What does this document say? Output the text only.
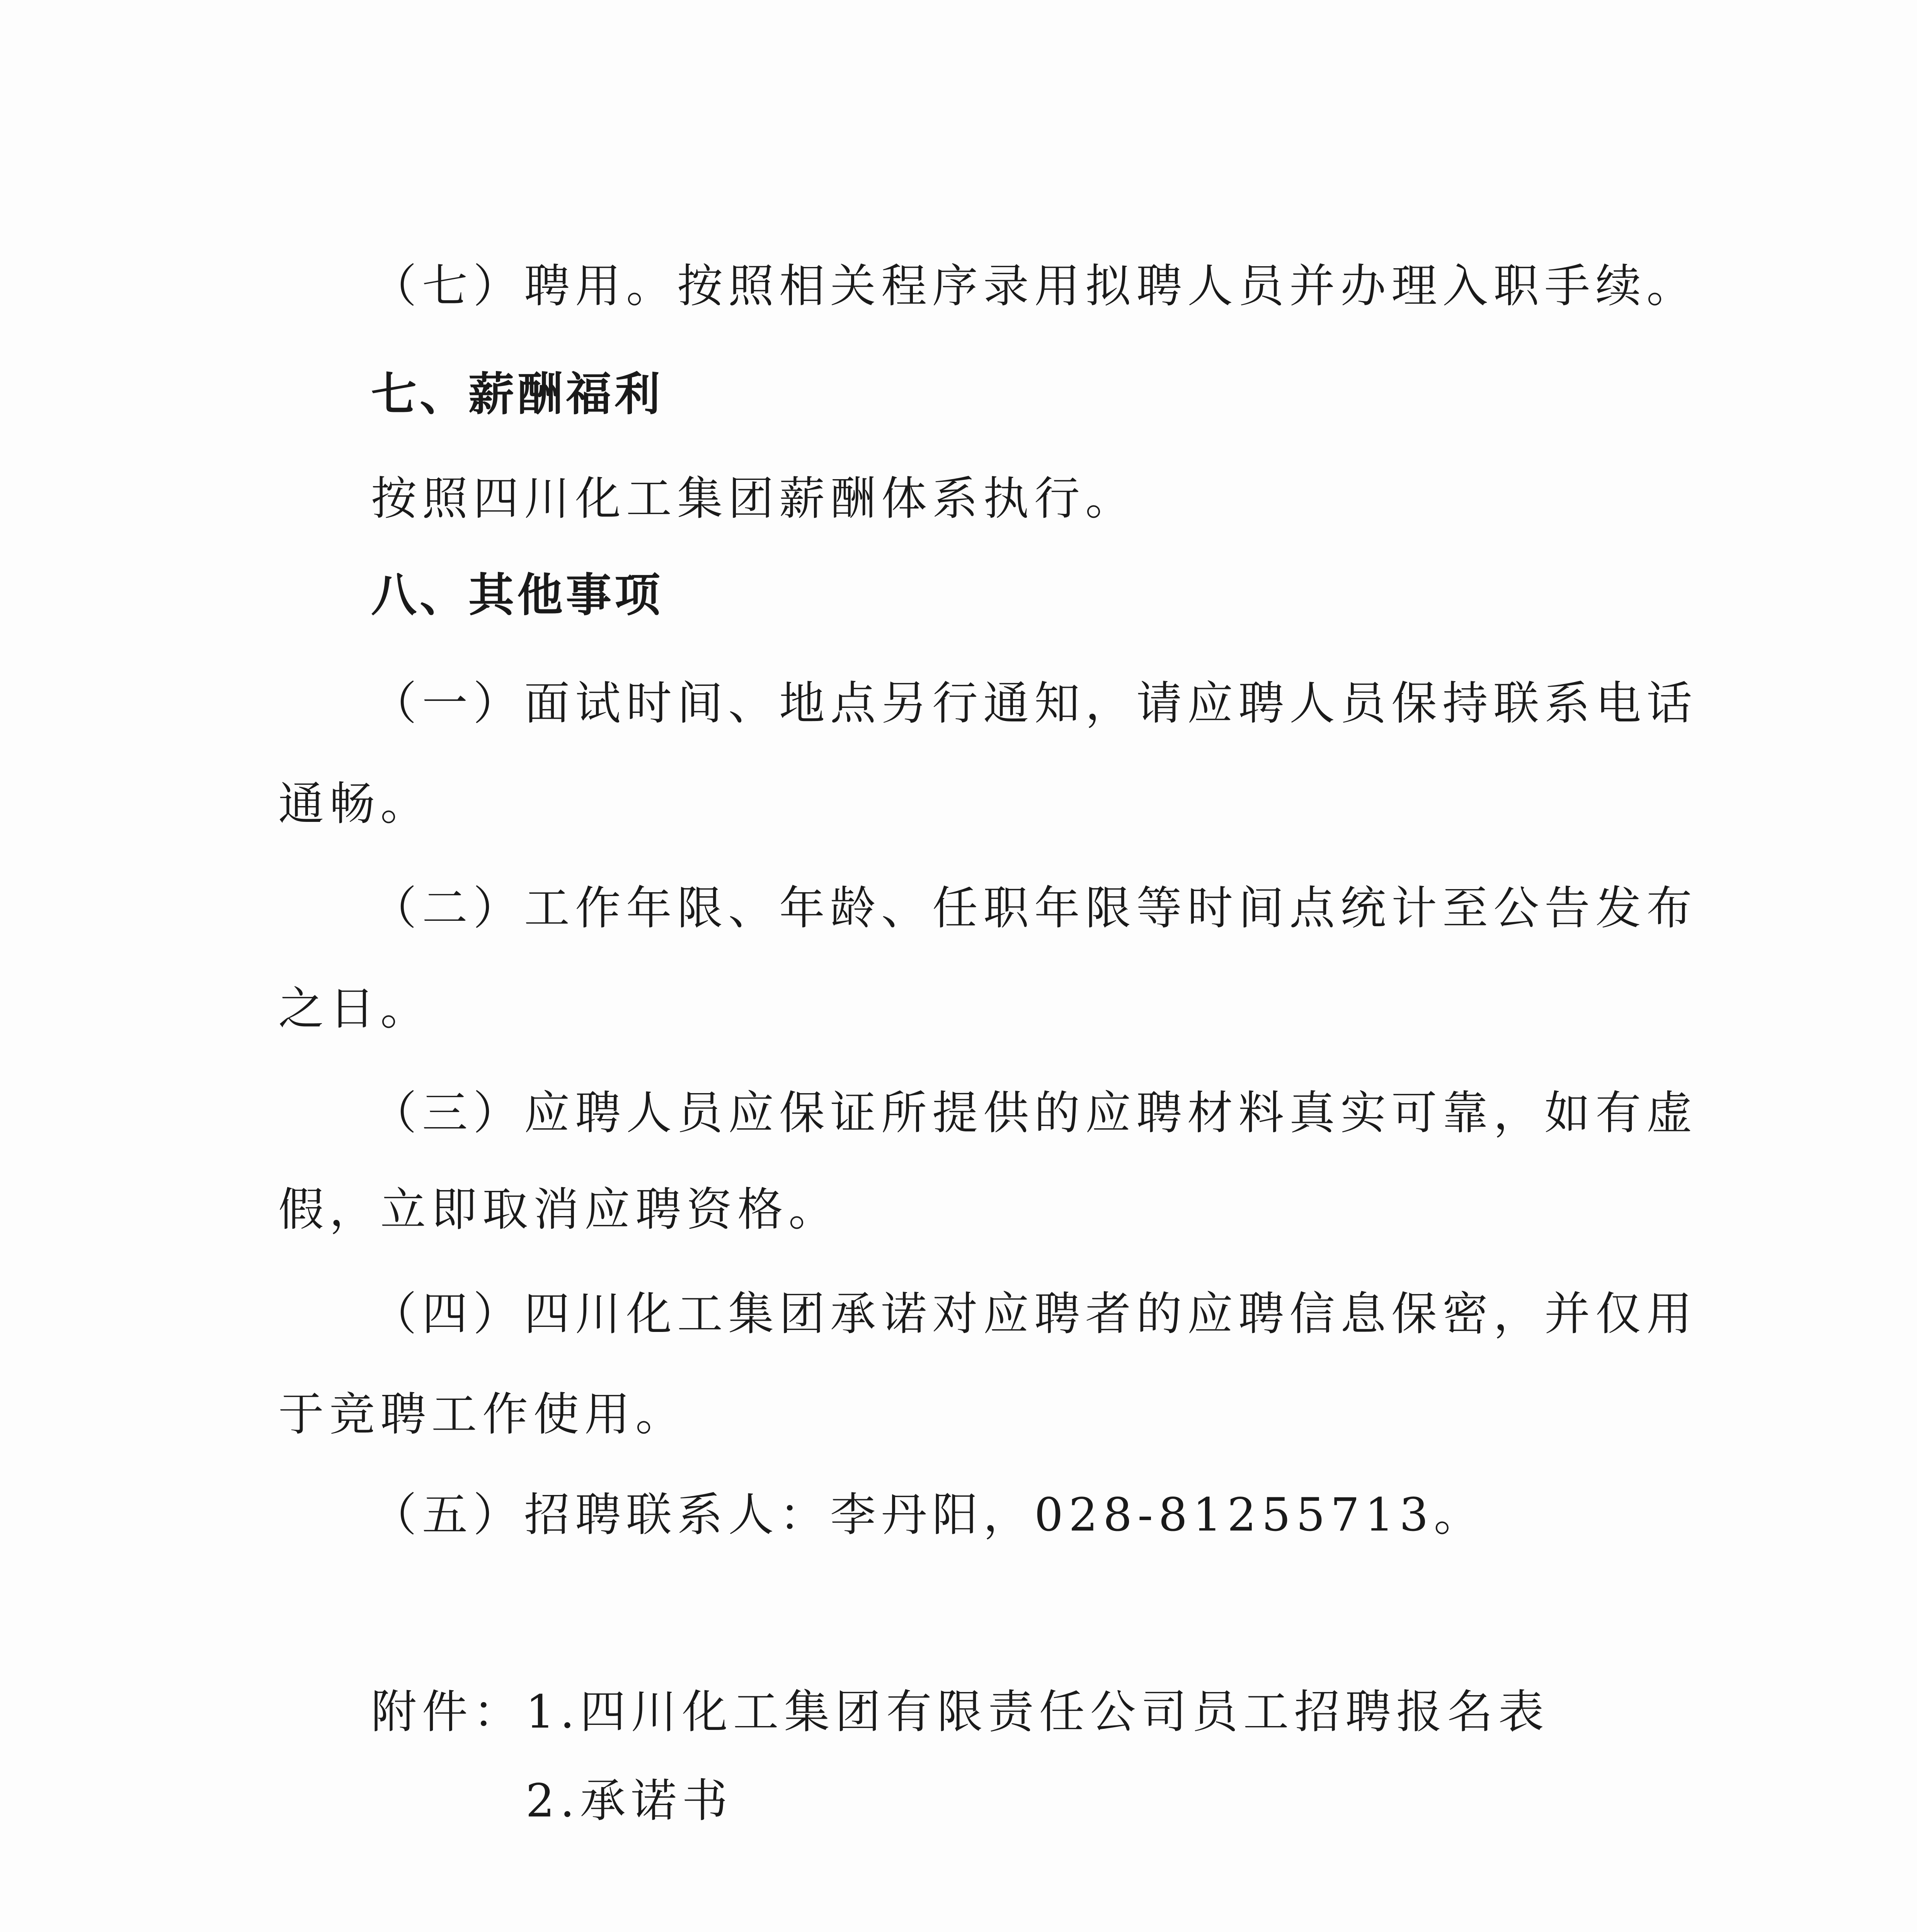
（七）聘用。按照相关程序录用拟聘人员并办理入职手续。
七、薪酬福利
按照四川化工集团薪酬体系执行。
八、其他事项
（一）面试时间、地点另行通知，请应聘人员保持联系电话
通畅。
（二）工作年限、年龄、任职年限等时间点统计至公告发布
之日。
（三）应聘人员应保证所提供的应聘材料真实可靠，如有虚
假，立即取消应聘资格。
（四）四川化工集团承诺对应聘者的应聘信息保密，并仅用
于竞聘工作使用。
（五）招聘联系人：李丹阳，028-81255713。
附件： 1.四川化工集团有限责任公司员工招聘报名表
2.承诺书
